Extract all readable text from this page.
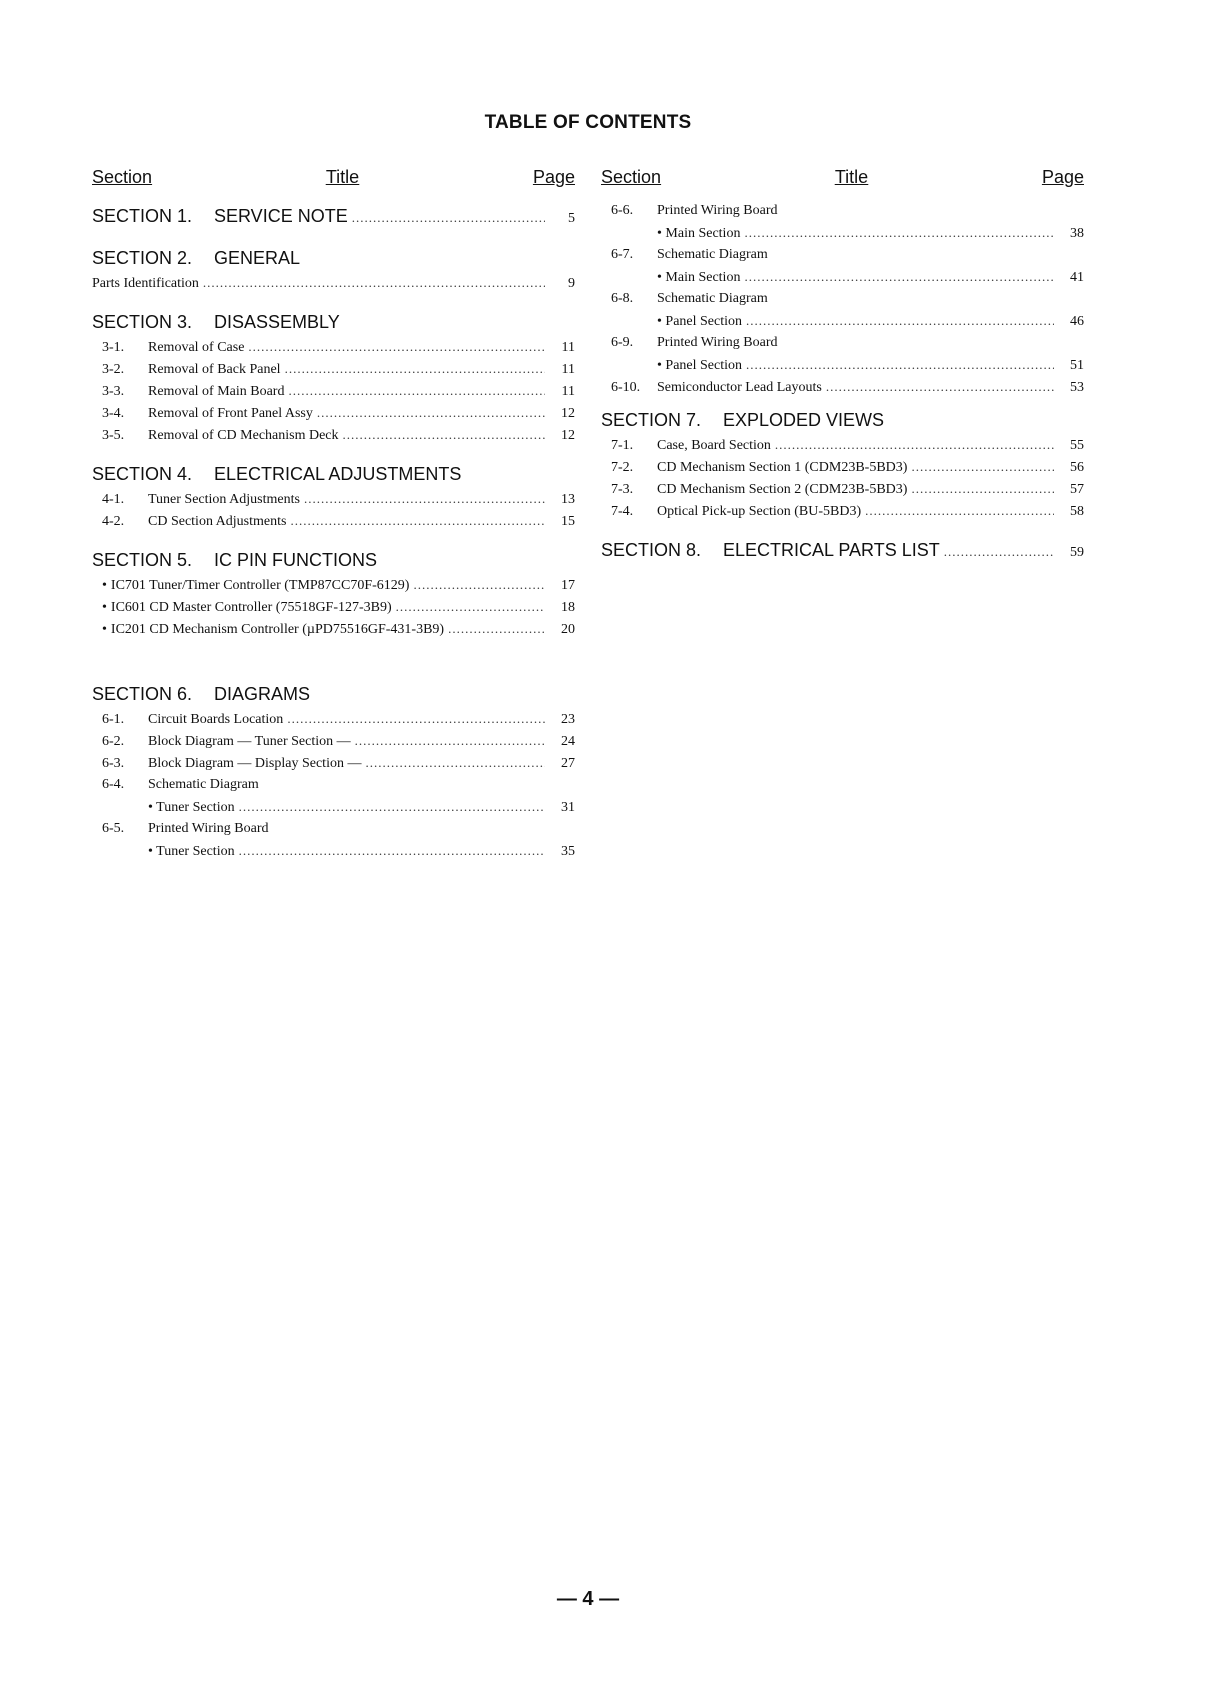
TABLE OF CONTENTS
Section	Title	Page
SECTION 1.	SERVICE NOTE .....	5
SECTION 2.	GENERAL
Parts Identification .....	9
SECTION 3.	DISASSEMBLY
3-1.	Removal of Case .....	11
3-2.	Removal of Back Panel .....	11
3-3.	Removal of Main Board .....	11
3-4.	Removal of Front Panel Assy .....	12
3-5.	Removal of CD Mechanism Deck .....	12
SECTION 4.	ELECTRICAL ADJUSTMENTS
4-1.	Tuner Section Adjustments .....	13
4-2.	CD Section Adjustments .....	15
SECTION 5.	IC PIN FUNCTIONS
• IC701 Tuner/Timer Controller (TMP87CC70F-6129) .....	17
• IC601 CD Master Controller (75518GF-127-3B9) .....	18
• IC201 CD Mechanism Controller (µPD75516GF-431-3B9) .....	20
SECTION 6.	DIAGRAMS
6-1.	Circuit Boards Location .....	23
6-2.	Block Diagram — Tuner Section — .....	24
6-3.	Block Diagram — Display Section — .....	27
6-4.	Schematic Diagram
• Tuner Section .....	31
6-5.	Printed Wiring Board
• Tuner Section .....	35
Section	Title	Page
6-6.	Printed Wiring Board
• Main Section .....	38
6-7.	Schematic Diagram
• Main Section .....	41
6-8.	Schematic Diagram
• Panel Section .....	46
6-9.	Printed Wiring Board
• Panel Section .....	51
6-10.	Semiconductor Lead Layouts .....	53
SECTION 7.	EXPLODED VIEWS
7-1.	Case, Board Section .....	55
7-2.	CD Mechanism Section 1 (CDM23B-5BD3) .....	56
7-3.	CD Mechanism Section 2 (CDM23B-5BD3) .....	57
7-4.	Optical Pick-up Section (BU-5BD3) .....	58
SECTION 8.	ELECTRICAL PARTS LIST .....	59
— 4 —
